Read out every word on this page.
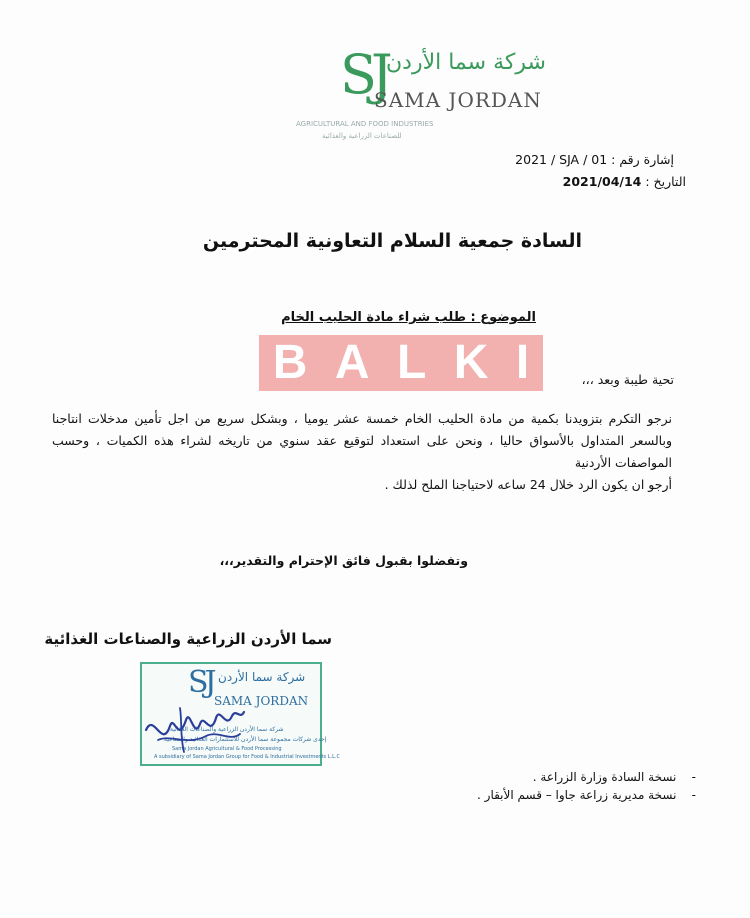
SJ شركة سما الأردن
SAMA JORDAN
AGRICULTURAL AND FOOD INDUSTRIES
للصناعات الزراعية والغذائية
إشارة رقم : 2021 / SJA / 01
التاريخ : 2021/04/14
السادة جمعية السلام التعاونية المحترمين
الموضوع : طلب شراء مادة الحليب الخام
B A L K I	تحية طيبة وبعد ،،،

نرجو التكرم بتزويدنا بكمية من مادة الحليب الخام خمسة عشر يوميا ، وبشكل سريع من اجل تأمين مدخلات انتاجنا وبالسعر المتداول بالأسواق حاليا ، ونحن على استعداد لتوقيع عقد سنوي من تاريخه لشراء هذه الكميات ، وحسب المواصفات الأردنية

أرجو ان يكون الرد خلال 24 ساعه لاحتياجنا الملح لذلك .

وتفضلوا بقبول فائق الإحترام والتقدير،،،
سما الأردن الزراعية والصناعات الغذائية
SJ شركة سما الأردن
SAMA JORDAN
شركة سما الأردن الزراعية والصناعات الغذائية
إحدى شركات مجموعة سما الأردن للاستثمارات الغذائية والصناعية
Sama Jordan Agricultural & Food Processing
A subsidiary of Sama Jordan Group for Food & Industrial Investments L.L.C
-    نسخة السادة وزارة الزراعة .
-    نسخة مديرية زراعة جاوا – قسم الأبقار .
